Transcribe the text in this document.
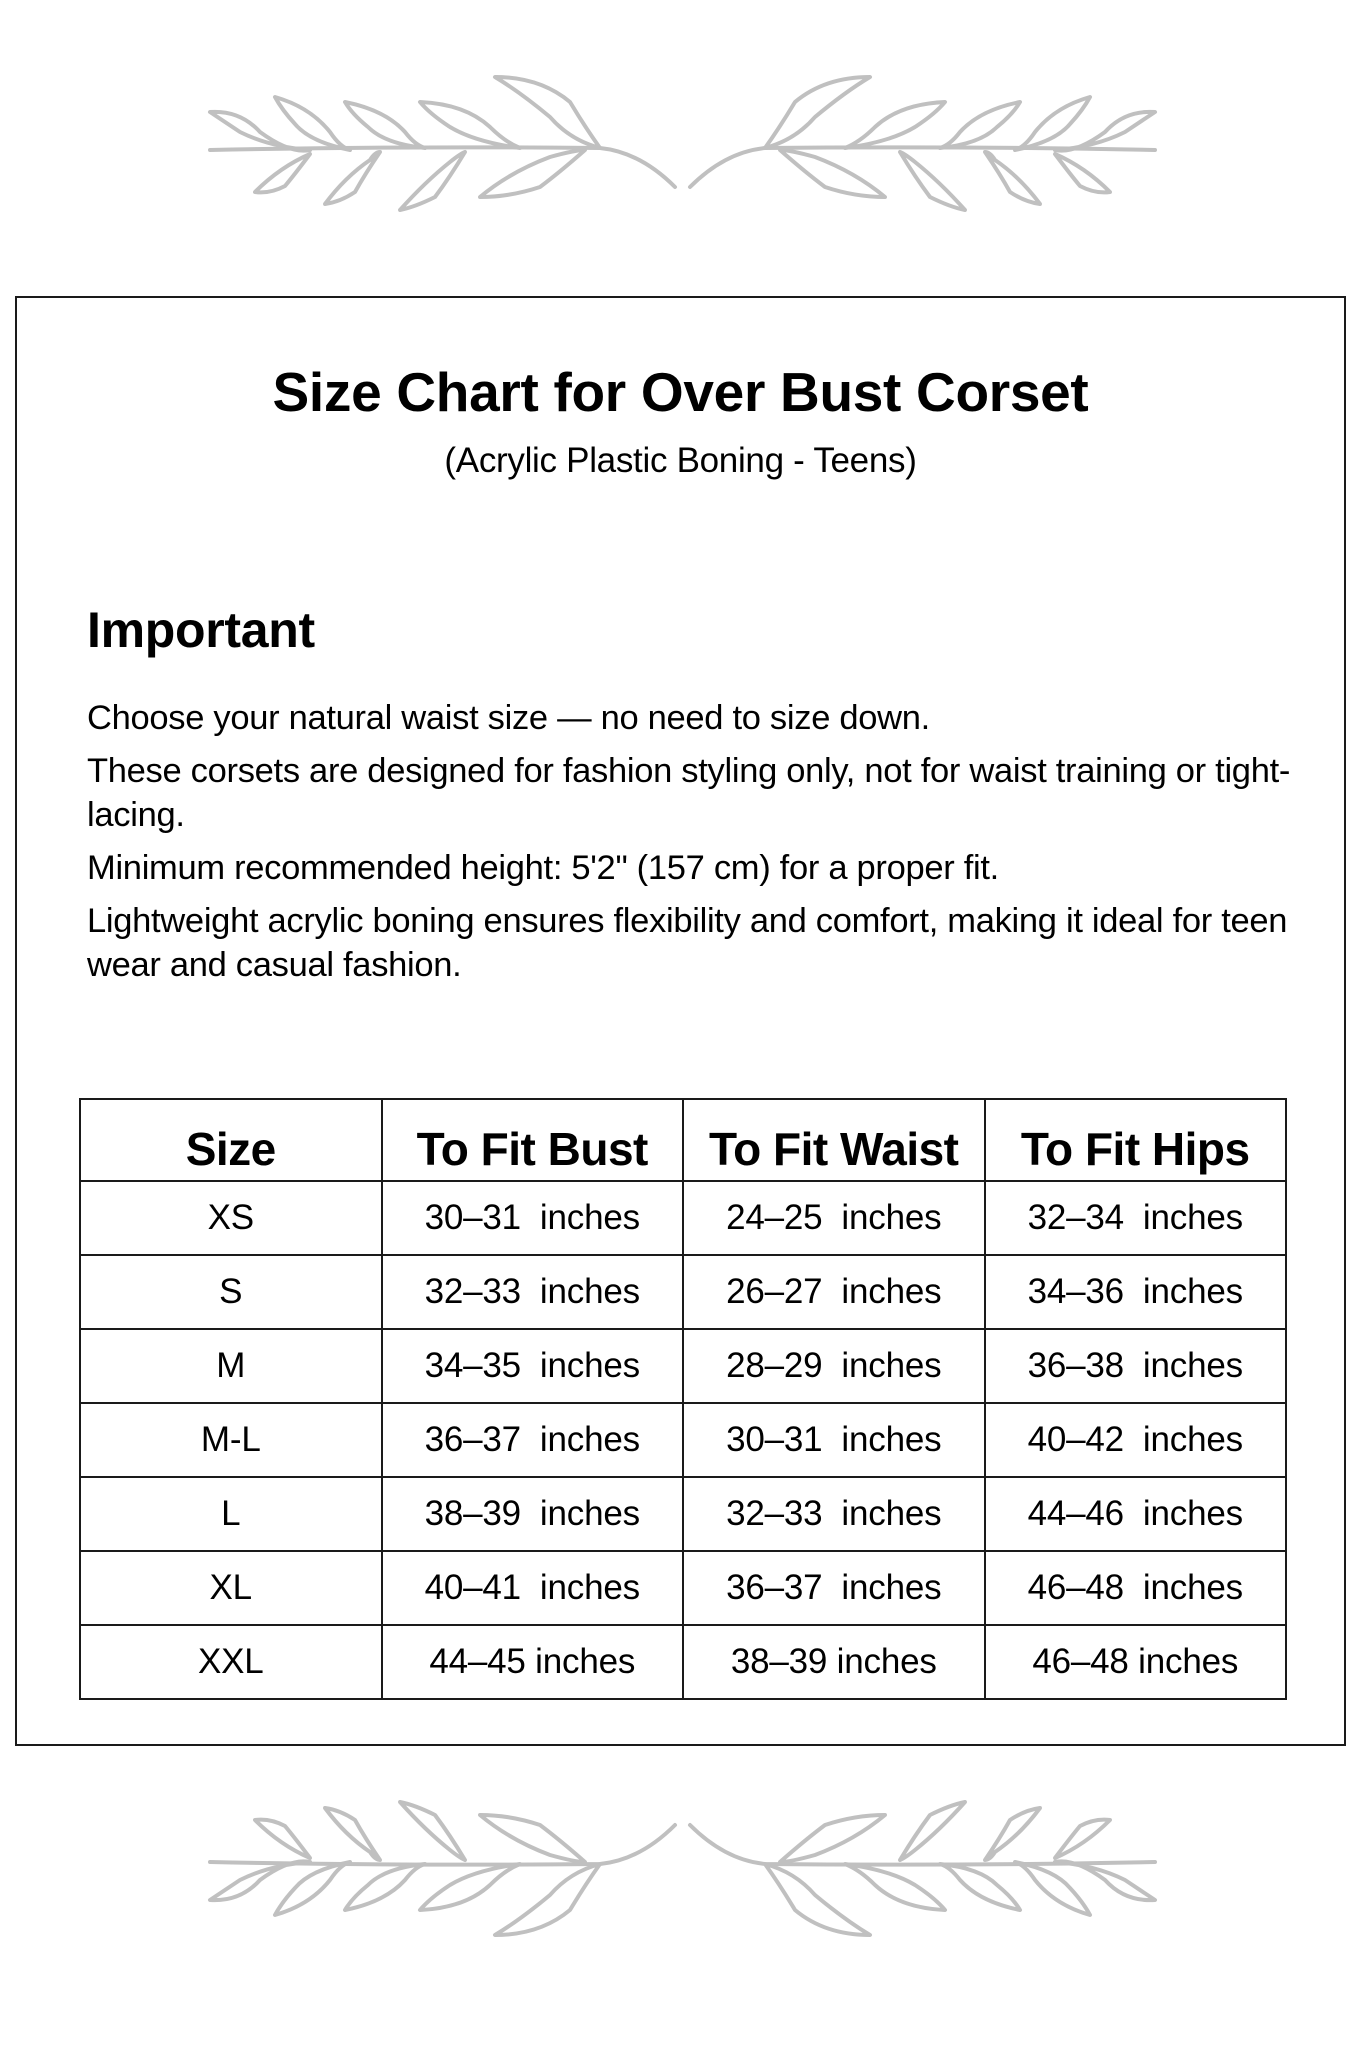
Size Chart for Over Bust Corset
(Acrylic Plastic Boning - Teens)
Important

Choose your natural waist size — no need to size down.

These corsets are designed for fashion styling only, not for waist training or tight-lacing.

Minimum recommended height: 5'2" (157 cm) for a proper fit.

Lightweight acrylic boning ensures flexibility and comfort, making it ideal for teen wear and casual fashion.

Size	To Fit Bust	To Fit Waist	To Fit Hips
XS	30–31  inches	24–25  inches	32–34  inches
S	32–33  inches	26–27  inches	34–36  inches
M	34–35  inches	28–29  inches	36–38  inches
M-L	36–37  inches	30–31  inches	40–42  inches
L	38–39  inches	32–33  inches	44–46  inches
XL	40–41  inches	36–37  inches	46–48  inches
XXL	44–45 inches	38–39 inches	46–48 inches
